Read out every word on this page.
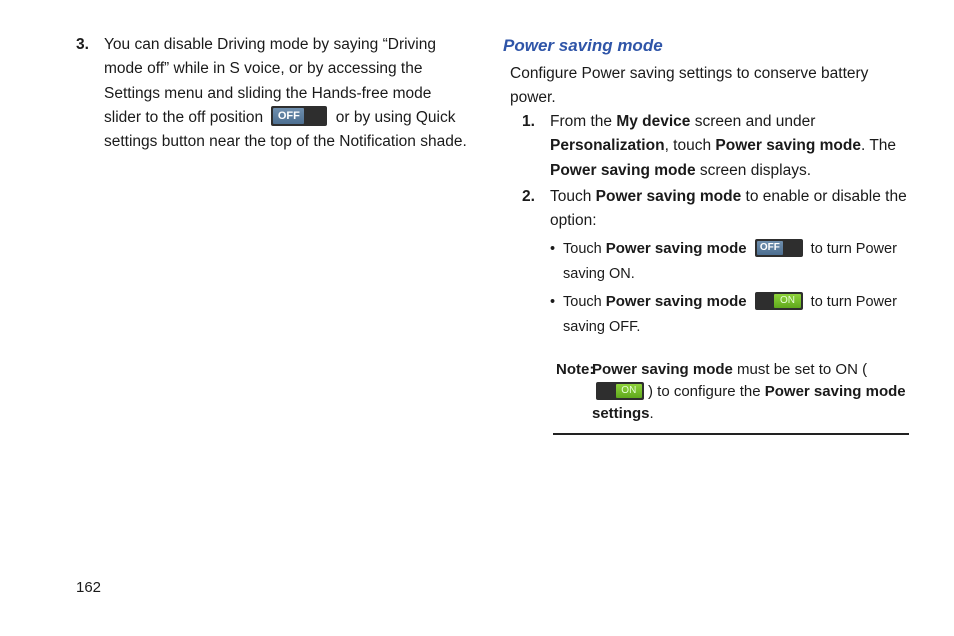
3. You can disable Driving mode by saying “Driving mode off” while in S voice, or by accessing the Settings menu and sliding the Hands-free mode slider to the off position	OFF or by using Quick settings button near the top of the Notification shade.
Power saving mode
Configure Power saving settings to conserve battery power.
1. From the My device screen and under Personalization, touch Power saving mode. The Power saving mode screen displays.
2. Touch Power saving mode to enable or disable the option:
• Touch Power saving mode	OFF to turn Power saving ON.
• Touch Power saving mode	ON	to turn Power saving OFF.
Note:
Power saving mode must be set to ON (
ON ) to configure the Power saving mode settings.
162
